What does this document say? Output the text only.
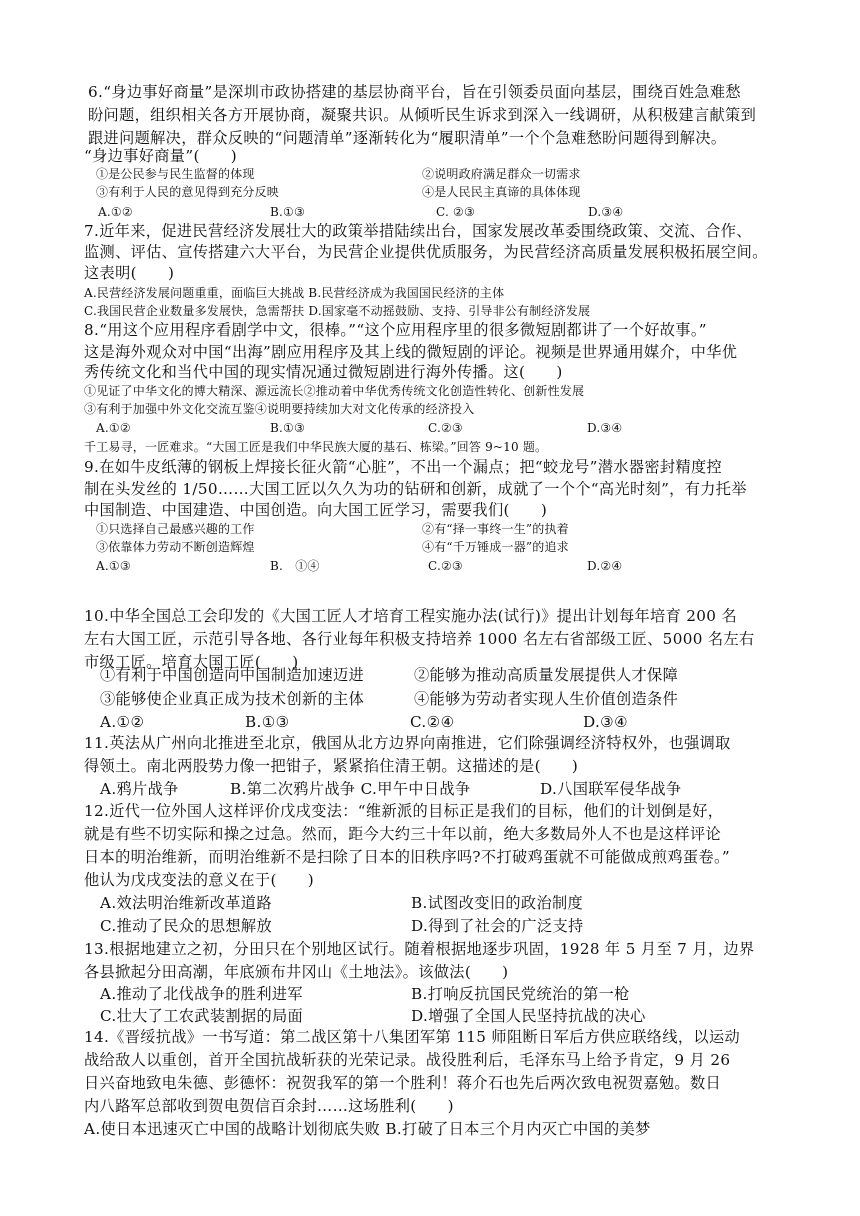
6.“身边事好商量”是深圳市政协搭建的基层协商平台，旨在引领委员面向基层，围绕百姓急难愁
盼问题，组织相关各方开展协商，凝聚共识。从倾听民生诉求到深入一线调研，从积极建言献策到
跟进问题解决，群众反映的“问题清单”逐渐转化为“履职清单”一个个急难愁盼问题得到解决。
“身边事好商量”(　　)
①是公民参与民生监督的体现	②说明政府满足群众一切需求
③有利于人民的意见得到充分反映	④是人民民主真谛的具体体现
A.①②	B.①③	C. ②③	D.③④
7.近年来，促进民营经济发展壮大的政策举措陆续出台，国家发展改革委围绕政策、交流、合作、
监测、评估、宣传搭建六大平台，为民营企业提供优质服务，为民营经济高质量发展积极拓展空间。
这表明(　　)
A.民营经济发展问题重重，面临巨大挑战 B.民营经济成为我国国民经济的主体
C.我国民营企业数量多发展快，急需帮扶 D.国家毫不动摇鼓励、支持、引导非公有制经济发展
8.“用这个应用程序看剧学中文，很棒。”“这个应用程序里的很多微短剧都讲了一个好故事。”
这是海外观众对中国“出海”剧应用程序及其上线的微短剧的评论。视频是世界通用媒介，中华优
秀传统文化和当代中国的现实情况通过微短剧进行海外传播。这(　　)
①见证了中华文化的博大精深、源远流长②推动着中华优秀传统文化创造性转化、创新性发展
③有利于加强中外文化交流互鉴④说明要持续加大对文化传承的经济投入
A.①②	B.①③	C.②③	D.③④
千工易寻，一匠难求。“大国工匠是我们中华民族大厦的基石、栋梁。”回答 9~10 题。
9.在如牛皮纸薄的钢板上焊接长征火箭“心脏”，不出一个漏点；把“蛟龙号”潜水器密封精度控
制在头发丝的 1/50……大国工匠以久久为功的钻研和创新，成就了一个个“高光时刻”，有力托举
中国制造、中国建造、中国创造。向大国工匠学习，需要我们(　　)
①只选择自己最感兴趣的工作	②有“择一事终一生”的执着
③依靠体力劳动不断创造辉煌	④有“千万锤成一器”的追求
A.①③	B.　①④	C.②③	D.②④
10.中华全国总工会印发的《大国工匠人才培育工程实施办法(试行)》提出计划每年培育 200 名
左右大国工匠，示范引导各地、各行业每年积极支持培养 1000 名左右省部级工匠、5000 名左右
市级工匠。培育大国工匠(　　)
①有利于中国创造向中国制造加速迈进	②能够为推动高质量发展提供人才保障
③能够使企业真正成为技术创新的主体	④能够为劳动者实现人生价值创造条件
A.①②	B.①③	C.②④	D.③④
11.英法从广州向北推进至北京，俄国从北方边界向南推进，它们除强调经济特权外，也强调取
得领土。南北两股势力像一把钳子，紧紧掐住清王朝。这描述的是(　　)
A.鸦片战争	B.第二次鸦片战争 C.甲午中日战争	D.八国联军侵华战争
12.近代一位外国人这样评价戊戌变法：“维新派的目标正是我们的目标，他们的计划倒是好，
就是有些不切实际和操之过急。然而，距今大约三十年以前，绝大多数局外人不也是这样评论
日本的明治维新，而明治维新不是扫除了日本的旧秩序吗?不打破鸡蛋就不可能做成煎鸡蛋卷。”
他认为戊戌变法的意义在于(　　)
A.效法明治维新改革道路	B.试图改变旧的政治制度
C.推动了民众的思想解放	D.得到了社会的广泛支持
13.根据地建立之初，分田只在个别地区试行。随着根据地逐步巩固，1928 年 5 月至 7 月，边界
各县掀起分田高潮，年底颁布井冈山《土地法》。该做法(　　)
A.推动了北伐战争的胜利进军	B.打响反抗国民党统治的第一枪
C.壮大了工农武装割据的局面	D.增强了全国人民坚持抗战的决心
14.《晋绥抗战》一书写道：第二战区第十八集团军第 115 师阻断日军后方供应联络线，以运动
战给敌人以重创，首开全国抗战斩获的光荣记录。战役胜利后，毛泽东马上给予肯定，9 月 26
日兴奋地致电朱德、彭德怀：祝贺我军的第一个胜利！蒋介石也先后两次致电祝贺嘉勉。数日
内八路军总部收到贺电贺信百余封……这场胜利(　　)
A.使日本迅速灭亡中国的战略计划彻底失败 B.打破了日本三个月内灭亡中国的美梦
